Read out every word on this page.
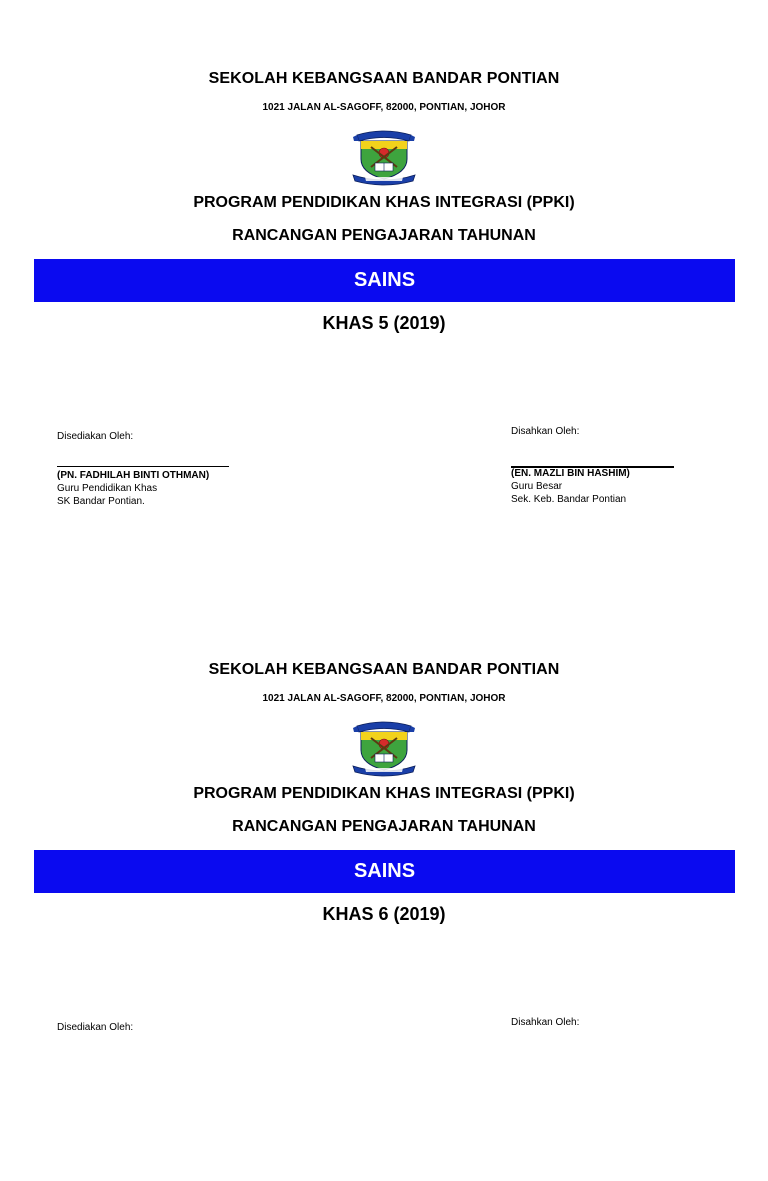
SEKOLAH KEBANGSAAN BANDAR PONTIAN
1021 JALAN AL-SAGOFF, 82000, PONTIAN, JOHOR
PROGRAM PENDIDIKAN KHAS INTEGRASI (PPKI)
RANCANGAN PENGAJARAN TAHUNAN
SAINS
KHAS 5 (2019)
Disediakan Oleh:
(PN. FADHILAH BINTI OTHMAN)
Guru Pendidikan Khas
SK Bandar Pontian.
Disahkan Oleh:
(EN. MAZLI BIN HASHIM)
Guru Besar
Sek. Keb. Bandar Pontian
SEKOLAH KEBANGSAAN BANDAR PONTIAN
1021 JALAN AL-SAGOFF, 82000, PONTIAN, JOHOR
PROGRAM PENDIDIKAN KHAS INTEGRASI (PPKI)
RANCANGAN PENGAJARAN TAHUNAN
SAINS
KHAS 6 (2019)
Disediakan Oleh:	Disahkan Oleh:
